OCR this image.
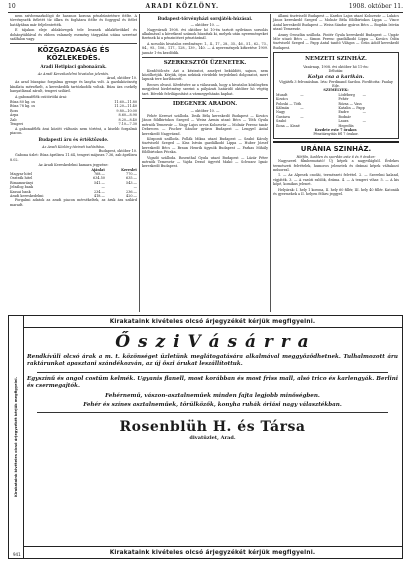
10	ARADI KÖZLÖNY.	1908. október 11.

nem szívbemarkológó de hasznos korona pénzbüntetésre ítélte. A törvényszék ítéletét tíz ölkra és fogházra ítélte és fogygyal és ítélet hatályában már feljelentették.

E tájakon eleje ablaküvegek tele lesznek ablakfüvökkel és dohánytáblával és ebben valamely esemény tárgyalási utána szeretné szálfalon vagy.

KÖZGAZDASÁG ÉS KÖZLEKEDÉS.
Aradi Hetipiaci gabonaárak.
Az Aradi Kereskedelmi hivatalos jelentés.
Arad, október 10.

Az arad búzapiac forgalma gyenge és lanyha volt. A gazdaközönség kínálata mérsékelt, a kereskedők tartózkodók voltak. Búza ára csekély hanyatlással zárult, tengeri szilárd.

A gabonafélék csütörtöki árai:

Búza 80 kg. os	11.60—11.80
Búza 78 kg. os	11.20—11.40
Rozs	9.80—10.00
Árpa	8.60—8.90
Zab	8.20—8.40
Tengeri	7.10—7.30

A gabonafélék árai között változás nem történt, a kisebb forgalmú piacon.

Budapesti áru és értéktőzsde.
Az Aradi Közlöny távirati tudósítása.
Budapest, október 10.

Gabona üzlet: Búza áprilisra 11.64, tengeri májusra 7.36, zab áprilisra 8.02.

Az Aradi Kereskedelmi kamara jegyzése:
	Ajánlat	Kereslet
Magyar hitel	768.—	770.—
Osztrák hitel	634.50	635.—
Rimamurányi	541.—	543.—
Jelzálog bank	—	—
Kassai bank	234.—	236.—
Aradi kereskedelmi	418.—	420.—

Forgalmi adatok az aradi piacon mérsékeltek, az áruk ára szilárd maradt.

Budapest-törvényházi sorsjáték-húzásai.
— október 10. —

Nagyváradi 1908. évi október hó 10-én tartott nyilvános sorsolás alkalmával a következő számok húzattak ki, melyek után nyereményeket fizetnek ki a pénzintézet pénztáránál.

A sorsolás hivatalos eredménye: 1., 4., 17., 28., 35., 46., 51., 62., 73., 84., 95., 106., 117., 128., 139., 140. — A nyeremények kifizetése 1909. január 1-én kezdődik.

SZERKESZTŐI ÜZENETEK.

Kezdőtölcsér. Azt a kéziratot, amelyet beküldött, sajnos, nem közölhetjük. Kérjük, írjon nekünk rövidebb terjedelmű dolgozatot, mert lapunk tere korlátozott.

Becses olvasó. Kérdésére az a válaszunk, hogy a hivatalos közlönyben megjelent hirdetmény szerint a pályázati határidő október hó végéig tart. Bővebb felvilágosítást a vármegyeházán kaphat.

IDEGENEK ARADON.
— október 10. —

Fehér Kereszt szálloda. Deák Béla kereskedő Budapest — Kovács János földbirtokos Szeged — Weisz Ármin utazó Bécs — Tóth Gyula mérnök Temesvár — Nagy Lajos orvos Kolozsvár — Molnár Ferenc tanár Debrecen — Fischer Sándor gyáros Budapest — Lengyel Antal kereskedő Nagyvárad.

Központi szálloda. Pollák Miksa utazó Budapest — Szabó Károly tisztviselő Szeged — Kiss István gazdálkodó Lippa — Huber József kereskedő Bécs — Braun Henrik ügynök Budapest — Farkas Mihály földbirtokos Pécska.

Vigadó szálloda. Rosenthal Gyula utazó Budapest — Lázár Péter mérnök Temesvár — Vajda Dezső ügyvéd Makó — Schwarz Ignác kereskedő Budapest.

állami tisztviselő Budapest — Kardos Lajos utazó Kolozsvár — Lukács János kereskedő Szeged — Molnár Béla földbirtokos Lippa — Vince Antal kereskedő Budapest — Weiss Sándor gyáros Bécs — Bogdán István utazó Temesvár.

Arany Oroszlán szálloda. Pintér Gyula kereskedő Budapest — Ungár Mór utazó Bécs — Simon Ferenc gazdálkodó Lippa — Kovács Ödön tisztviselő Szeged — Papp Antal tanító Világos — Grün Adolf kereskedő Budapest.

NEMZETI SZINHÁZ.
Vasárnap, 1908. évi október hó 11-én:
Délután:
Kolya csa a karikán.
Vígjáték 3 felvonásban. Irta: Ferdinand Sardou. Fordította: Paulay Ede.
SZEMÉLYEK:
Mundt — Kovács
Poloski — Tóth
Kálmán — Nagy
Gustava — Szabó
Ilona — Kisné
Lódéberg — Fehér
Rózsa — Vass
Katalin — Papp
Endre — Bodnár
Laura — Hegedűs
Kezdete este 7 órakor.
Pénztárnyitás fél 7 órakor.
URÁNIA SZINHÁZ.
Hétfőn, kedden és szerdán este 6 és 9 órakor:

Nagyszerű filmbemutató! Új képek a nagyvilágból. Érdekes természeti felvételek, humoros jelenetek és drámai képek váltakozó műsorral.

1. — Az Alpesek csodái, természeti felvétel. 2. — Szerelmi kaland, vígjáték. 3. — A vasúti rablók, dráma. 4. — A tengeri vihar. 5. — A kis kópé, komikus jelenet.

Helyárak: I. hely 1 korona, II. hely 60 fillér, III. hely 40 fillér. Katonák és gyermekek a II. helyen féláru jeggyel.

Kirakataink kivételes olcsó árjegyzékét kérjük megfigyelni.
Kirakataink kivételes olcsó árjegyzékét kérjük megfigyelni.
Ő s z i V á s á r r a
Rendkívüli olcsó árak a m. t. közönséget üzletünk meglátogatására alkalmával meggyőződhetnek. Tulhalmozott áru raktárunkat apasztani szándékozván, az új őszi árukat leszállítottuk.
Egyszínű és angol costüm kelmék. Ugyanis flanell, most korábban és most friss mall, alsó trico és karlengyák. Berlini és csermegajtók.
Fehérnemű, vászon-asztalneműek minden fajta legjobb minőségben.
Fehér és színes asztalneműek, törülközők, konyha ruhák óriási nagy választékban.
Rosenblüh H. és Társa
divatüzlet, Arad.
Kirakataink kivételes olcsó árjegyzékét kérjük megfigyelni.
941
